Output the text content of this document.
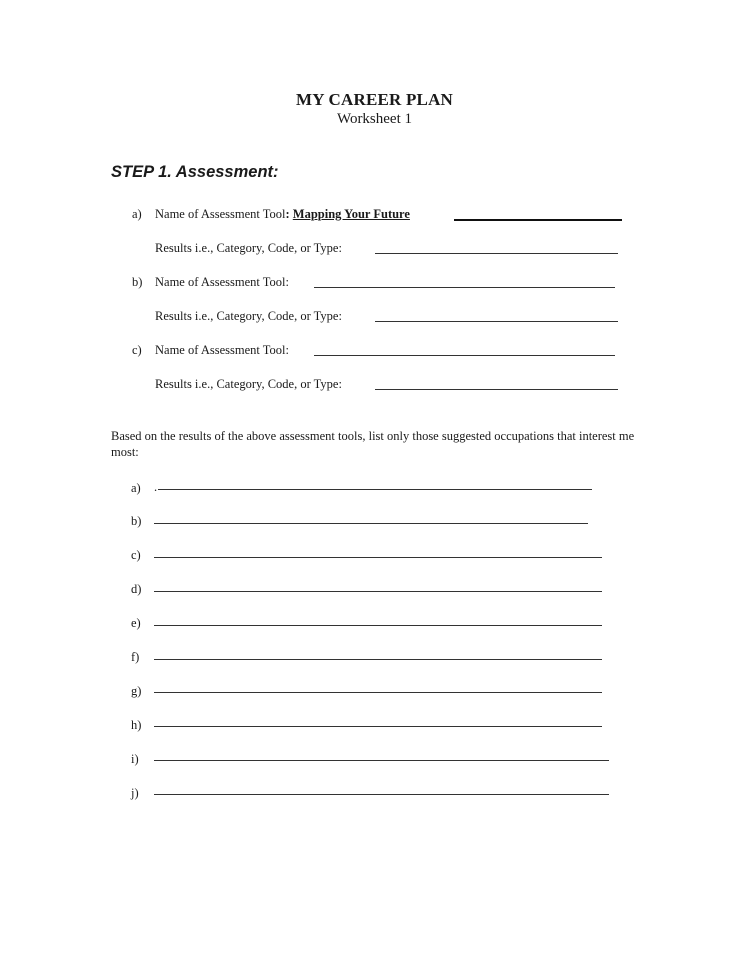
MY CAREER PLAN
Worksheet 1
STEP 1. Assessment:
a) Name of Assessment Tool: Mapping Your Future
Results i.e., Category, Code, or Type:
b) Name of Assessment Tool:
Results i.e., Category, Code, or Type:
c) Name of Assessment Tool:
Results i.e., Category, Code, or Type:
Based on the results of the above assessment tools, list only those suggested occupations that interest me most:
a) .
b)
c)
d)
e)
f)
g)
h)
i)
j)
